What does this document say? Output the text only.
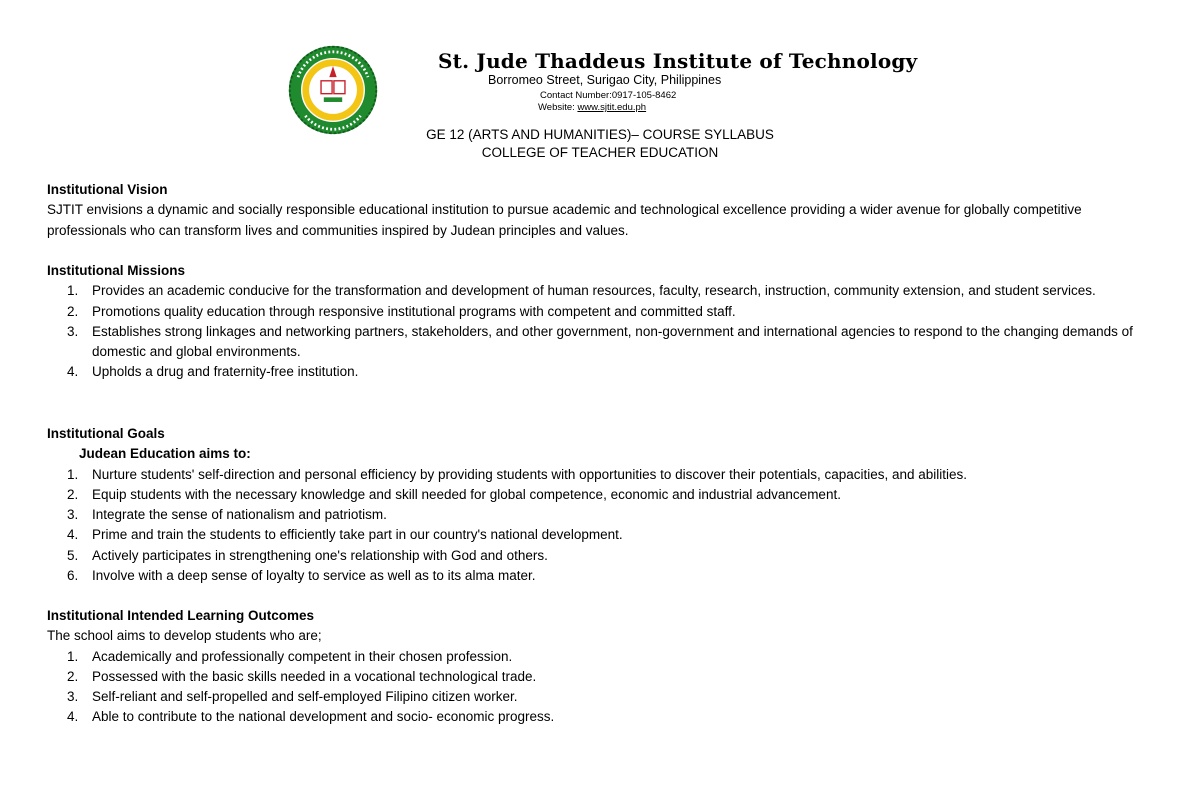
St. Jude Thaddeus Institute of Technology
Borromeo Street, Surigao City, Philippines
Contact Number:0917-105-8462
Website: www.sjtit.edu.ph
GE 12 (ARTS AND HUMANITIES)– COURSE SYLLABUS
COLLEGE OF TEACHER EDUCATION
Institutional Vision

SJTIT envisions a dynamic and socially responsible educational institution to pursue academic and technological excellence providing a wider avenue for globally competitive professionals who can transform lives and communities inspired by Judean principles and values.

Institutional Missions
1. Provides an academic conducive for the transformation and development of human resources, faculty, research, instruction, community extension, and student services.
2. Promotions quality education through responsive institutional programs with competent and committed staff.
3. Establishes strong linkages and networking partners, stakeholders, and other government, non-government and international agencies to respond to the changing demands of domestic and global environments.
4. Upholds a drug and fraternity-free institution.
Institutional Goals
Judean Education aims to:
1. Nurture students' self-direction and personal efficiency by providing students with opportunities to discover their potentials, capacities, and abilities.
2. Equip students with the necessary knowledge and skill needed for global competence, economic and industrial advancement.
3. Integrate the sense of nationalism and patriotism.
4. Prime and train the students to efficiently take part in our country's national development.
5. Actively participates in strengthening one's relationship with God and others.
6. Involve with a deep sense of loyalty to service as well as to its alma mater.
Institutional Intended Learning Outcomes
The school aims to develop students who are;
1. Academically and professionally competent in their chosen profession.
2. Possessed with the basic skills needed in a vocational technological trade.
3. Self-reliant and self-propelled and self-employed Filipino citizen worker.
4. Able to contribute to the national development and socio- economic progress.
